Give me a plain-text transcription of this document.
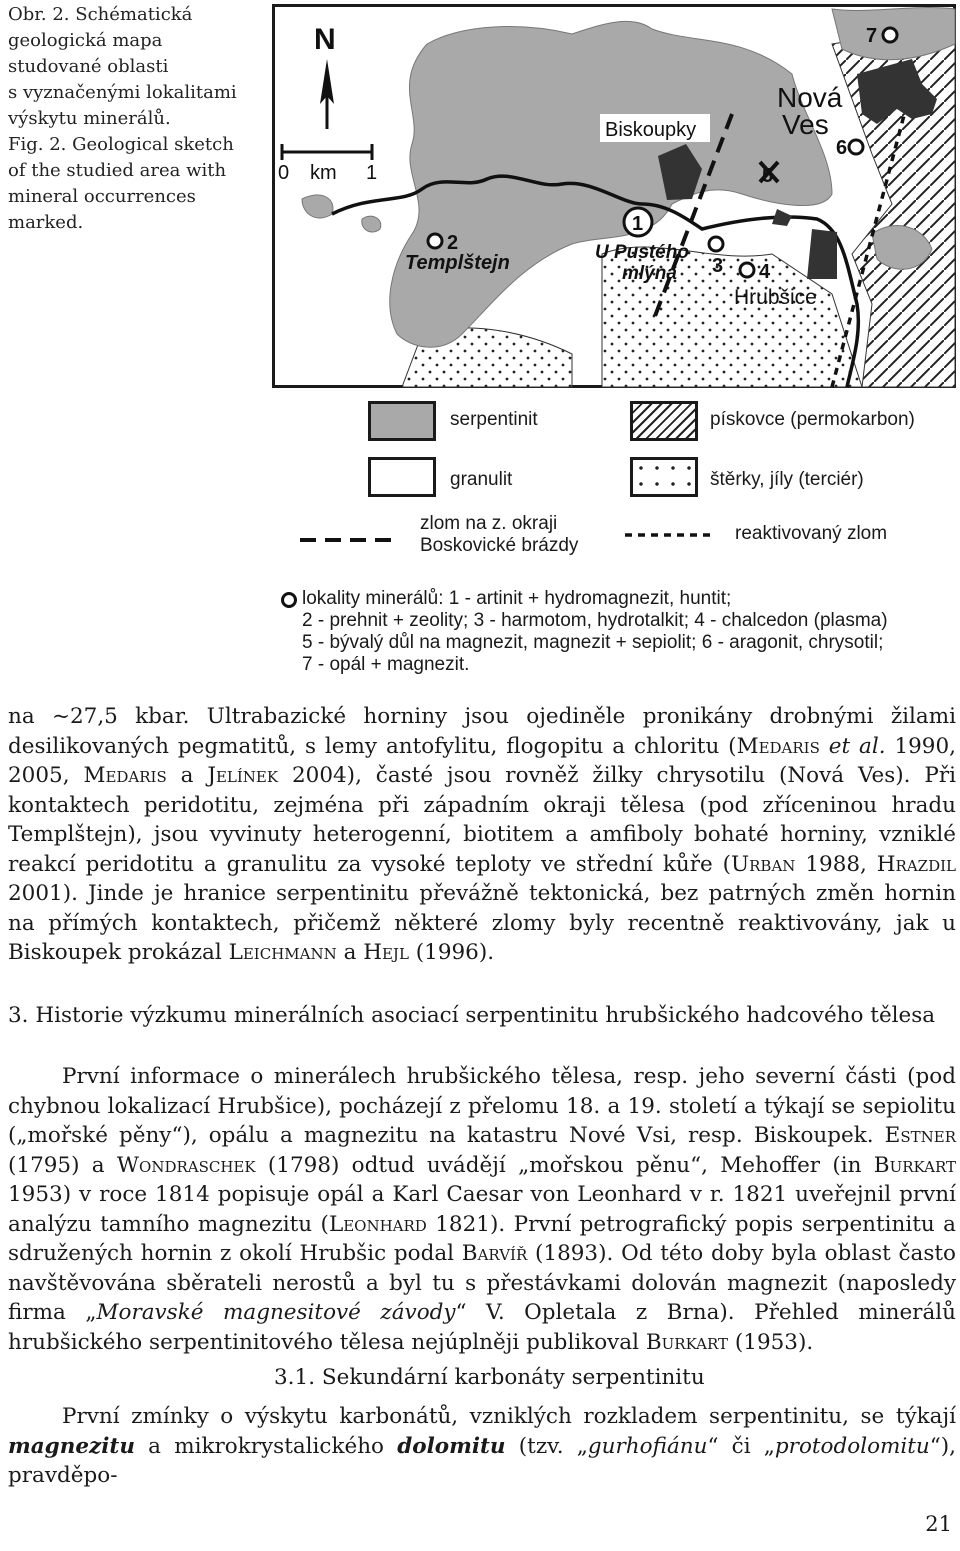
Obr. 2. Schématická
geologická mapa
studované oblasti
s vyznačenými lokalitami
výskytu minerálů.
Fig. 2. Geological sketch
of the studied area with
mineral occurrences
marked.
N
0 km 1
2
1
3 4
6
7
Biskoupky
Nová
Ves
Templštejn	U Pustého
mlýna
Hrubšice
serpentinit	pískovce (permokarbon)
granulit	štěrky, jíly (terciér)
zlom na z. okraji
Boskovické brázdy
reaktivovaný zlom
lokality minerálů: 1 - artinit + hydromagnezit, huntit;
2 - prehnit + zeolity; 3 - harmotom, hydrotalkit; 4 - chalcedon (plasma)
5 - bývalý důl na magnezit, magnezit + sepiolit; 6 - aragonit, chrysotil;
7 - opál + magnezit.
na ~27,5 kbar. Ultrabazické horniny jsou ojediněle pronikány drobnými žilami desilikovaných pegmatitů, s lemy antofylitu, flogopitu a chloritu (Medaris et al. 1990, 2005, Medaris a Jelínek 2004), časté jsou rovněž žilky chrysotilu (Nová Ves). Při kontaktech peridotitu, zejména při západním okraji tělesa (pod zříceninou hradu Templštejn), jsou vyvinuty heterogenní, biotitem a amfiboly bohaté horniny, vzniklé reakcí peridotitu a granulitu za vysoké teploty ve střední kůře (Urban 1988, Hrazdil 2001). Jinde je hranice serpentinitu převážně tektonická, bez patrných změn hornin na přímých kontaktech, přičemž některé zlomy byly recentně reaktivovány, jak u Biskoupek prokázal Leichmann a Hejl (1996).
3. Historie výzkumu minerálních asociací serpentinitu hrubšického hadcového tělesa
První informace o minerálech hrubšického tělesa, resp. jeho severní části (pod chybnou lokalizací Hrubšice), pocházejí z přelomu 18. a 19. století a týkají se sepiolitu („mořské pěny“), opálu a magnezitu na katastru Nové Vsi, resp. Biskoupek. Estner (1795) a Wondraschek (1798) odtud uvádějí „mořskou pěnu“, Mehoffer (in Burkart 1953) v roce 1814 popisuje opál a Karl Caesar von Leonhard v r. 1821 uveřejnil první analýzu tamního magnezitu (Leonhard 1821). První petrografický popis serpentinitu a sdružených hornin z okolí Hrubšic podal Barvíř (1893). Od této doby byla oblast často navštěvována sběrateli nerostů a byl tu s přestávkami dolován magnezit (naposledy firma „Moravské magnesitové závody“ V. Opletala z Brna). Přehled minerálů hrubšického serpentinitového tělesa nejúplněji publikoval Burkart (1953).
3.1. Sekundární karbonáty serpentinitu
První zmínky o výskytu karbonátů, vzniklých rozkladem serpentinitu, se týkají magnezitu a mikrokrystalického dolomitu (tzv. „gurhofiánu“ či „protodolomitu“), pravděpo-
21
